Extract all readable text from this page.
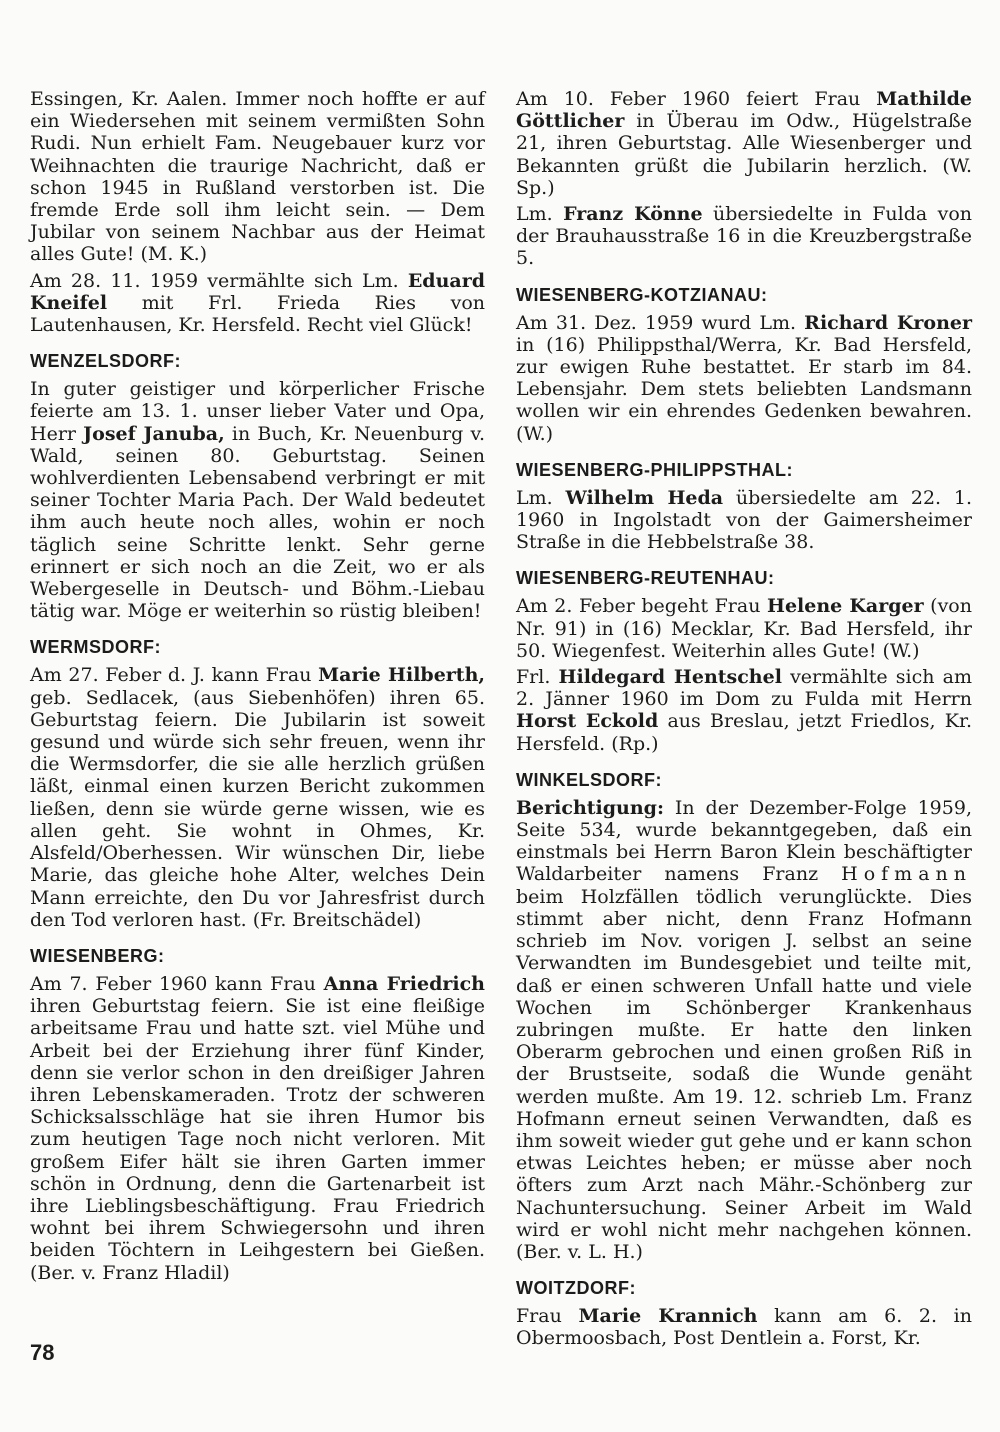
Essingen, Kr. Aalen. Immer noch hoffte er auf ein Wiedersehen mit seinem vermißten Sohn Rudi. Nun erhielt Fam. Neugebauer kurz vor Weihnachten die traurige Nachricht, daß er schon 1945 in Rußland verstorben ist. Die fremde Erde soll ihm leicht sein. — Dem Jubilar von seinem Nachbar aus der Heimat alles Gute! (M. K.)

Am 28. 11. 1959 vermählte sich Lm. Eduard Kneifel mit Frl. Frieda Ries von Lautenhausen, Kr. Hersfeld. Recht viel Glück!

WENZELSDORF:

In guter geistiger und körperlicher Frische feierte am 13. 1. unser lieber Vater und Opa, Herr Josef Januba, in Buch, Kr. Neuenburg v. Wald, seinen 80. Geburtstag. Seinen wohlverdienten Lebensabend verbringt er mit seiner Tochter Maria Pach. Der Wald bedeutet ihm auch heute noch alles, wohin er noch täglich seine Schritte lenkt. Sehr gerne erinnert er sich noch an die Zeit, wo er als Webergeselle in Deutsch- und Böhm.-Liebau tätig war. Möge er weiterhin so rüstig bleiben!

WERMSDORF:

Am 27. Feber d. J. kann Frau Marie Hilberth, geb. Sedlacek, (aus Siebenhöfen) ihren 65. Geburtstag feiern. Die Jubilarin ist soweit gesund und würde sich sehr freuen, wenn ihr die Wermsdorfer, die sie alle herzlich grüßen läßt, einmal einen kurzen Bericht zukommen ließen, denn sie würde gerne wissen, wie es allen geht. Sie wohnt in Ohmes, Kr. Alsfeld/Oberhessen. Wir wünschen Dir, liebe Marie, das gleiche hohe Alter, welches Dein Mann erreichte, den Du vor Jahresfrist durch den Tod verloren hast. (Fr. Breitschädel)

WIESENBERG:

Am 7. Feber 1960 kann Frau Anna Friedrich ihren Geburtstag feiern. Sie ist eine fleißige arbeitsame Frau und hatte szt. viel Mühe und Arbeit bei der Erziehung ihrer fünf Kinder, denn sie verlor schon in den dreißiger Jahren ihren Lebenskameraden. Trotz der schweren Schicksalsschläge hat sie ihren Humor bis zum heutigen Tage noch nicht verloren. Mit großem Eifer hält sie ihren Garten immer schön in Ordnung, denn die Gartenarbeit ist ihre Lieblingsbeschäftigung. Frau Friedrich wohnt bei ihrem Schwiegersohn und ihren beiden Töchtern in Leihgestern bei Gießen. (Ber. v. Franz Hladil)

Am 10. Feber 1960 feiert Frau Mathilde Göttlicher in Überau im Odw., Hügelstraße 21, ihren Geburtstag. Alle Wiesenberger und Bekannten grüßt die Jubilarin herzlich. (W. Sp.)

Lm. Franz Könne übersiedelte in Fulda von der Brauhausstraße 16 in die Kreuzbergstraße 5.

WIESENBERG-KOTZIANAU:

Am 31. Dez. 1959 wurd Lm. Richard Kroner in (16) Philippsthal/Werra, Kr. Bad Hersfeld, zur ewigen Ruhe bestattet. Er starb im 84. Lebensjahr. Dem stets beliebten Landsmann wollen wir ein ehrendes Gedenken bewahren. (W.)

WIESENBERG-PHILIPPSTHAL:

Lm. Wilhelm Heda übersiedelte am 22. 1. 1960 in Ingolstadt von der Gaimersheimer Straße in die Hebbelstraße 38.

WIESENBERG-REUTENHAU:

Am 2. Feber begeht Frau Helene Karger (von Nr. 91) in (16) Mecklar, Kr. Bad Hersfeld, ihr 50. Wiegenfest. Weiterhin alles Gute! (W.)

Frl. Hildegard Hentschel vermählte sich am 2. Jänner 1960 im Dom zu Fulda mit Herrn Horst Eckold aus Breslau, jetzt Friedlos, Kr. Hersfeld. (Rp.)

WINKELSDORF:

Berichtigung: In der Dezember-Folge 1959, Seite 534, wurde bekanntgegeben, daß ein einstmals bei Herrn Baron Klein beschäftigter Waldarbeiter namens Franz Hofmann beim Holzfällen tödlich verunglückte. Dies stimmt aber nicht, denn Franz Hofmann schrieb im Nov. vorigen J. selbst an seine Verwandten im Bundesgebiet und teilte mit, daß er einen schweren Unfall hatte und viele Wochen im Schönberger Krankenhaus zubringen mußte. Er hatte den linken Oberarm gebrochen und einen großen Riß in der Brustseite, sodaß die Wunde genäht werden mußte. Am 19. 12. schrieb Lm. Franz Hofmann erneut seinen Verwandten, daß es ihm soweit wieder gut gehe und er kann schon etwas Leichtes heben; er müsse aber noch öfters zum Arzt nach Mähr.-Schönberg zur Nachuntersuchung. Seiner Arbeit im Wald wird er wohl nicht mehr nachgehen können. (Ber. v. L. H.)

WOITZDORF:

Frau Marie Krannich kann am 6. 2. in Obermoosbach, Post Dentlein a. Forst, Kr.

78
